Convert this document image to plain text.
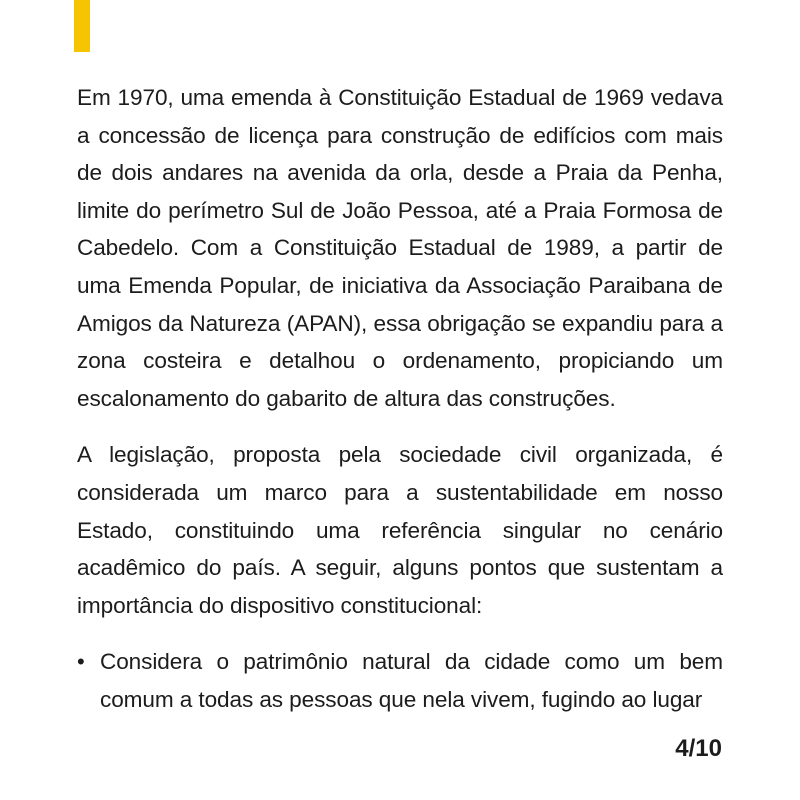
Em 1970, uma emenda à Constituição Estadual de 1969 vedava a concessão de licença para construção de edifícios com mais de dois andares na avenida da orla, desde a Praia da Penha, limite do perímetro Sul de João Pessoa, até a Praia Formosa de Cabedelo. Com a Constituição Estadual de 1989, a partir de uma Emenda Popular, de iniciativa da Associação Paraibana de Amigos da Natureza (APAN), essa obrigação se expandiu para a zona costeira e detalhou o ordenamento, propiciando um escalonamento do gabarito de altura das construções.

A legislação, proposta pela sociedade civil organizada, é considerada um marco para a sustentabilidade em nosso Estado, constituindo uma referência singular no cenário acadêmico do país. A seguir, alguns pontos que sustentam a importância do dispositivo constitucional:

• Considera o patrimônio natural da cidade como um bem comum a todas as pessoas que nela vivem, fugindo ao lugar
4/10
